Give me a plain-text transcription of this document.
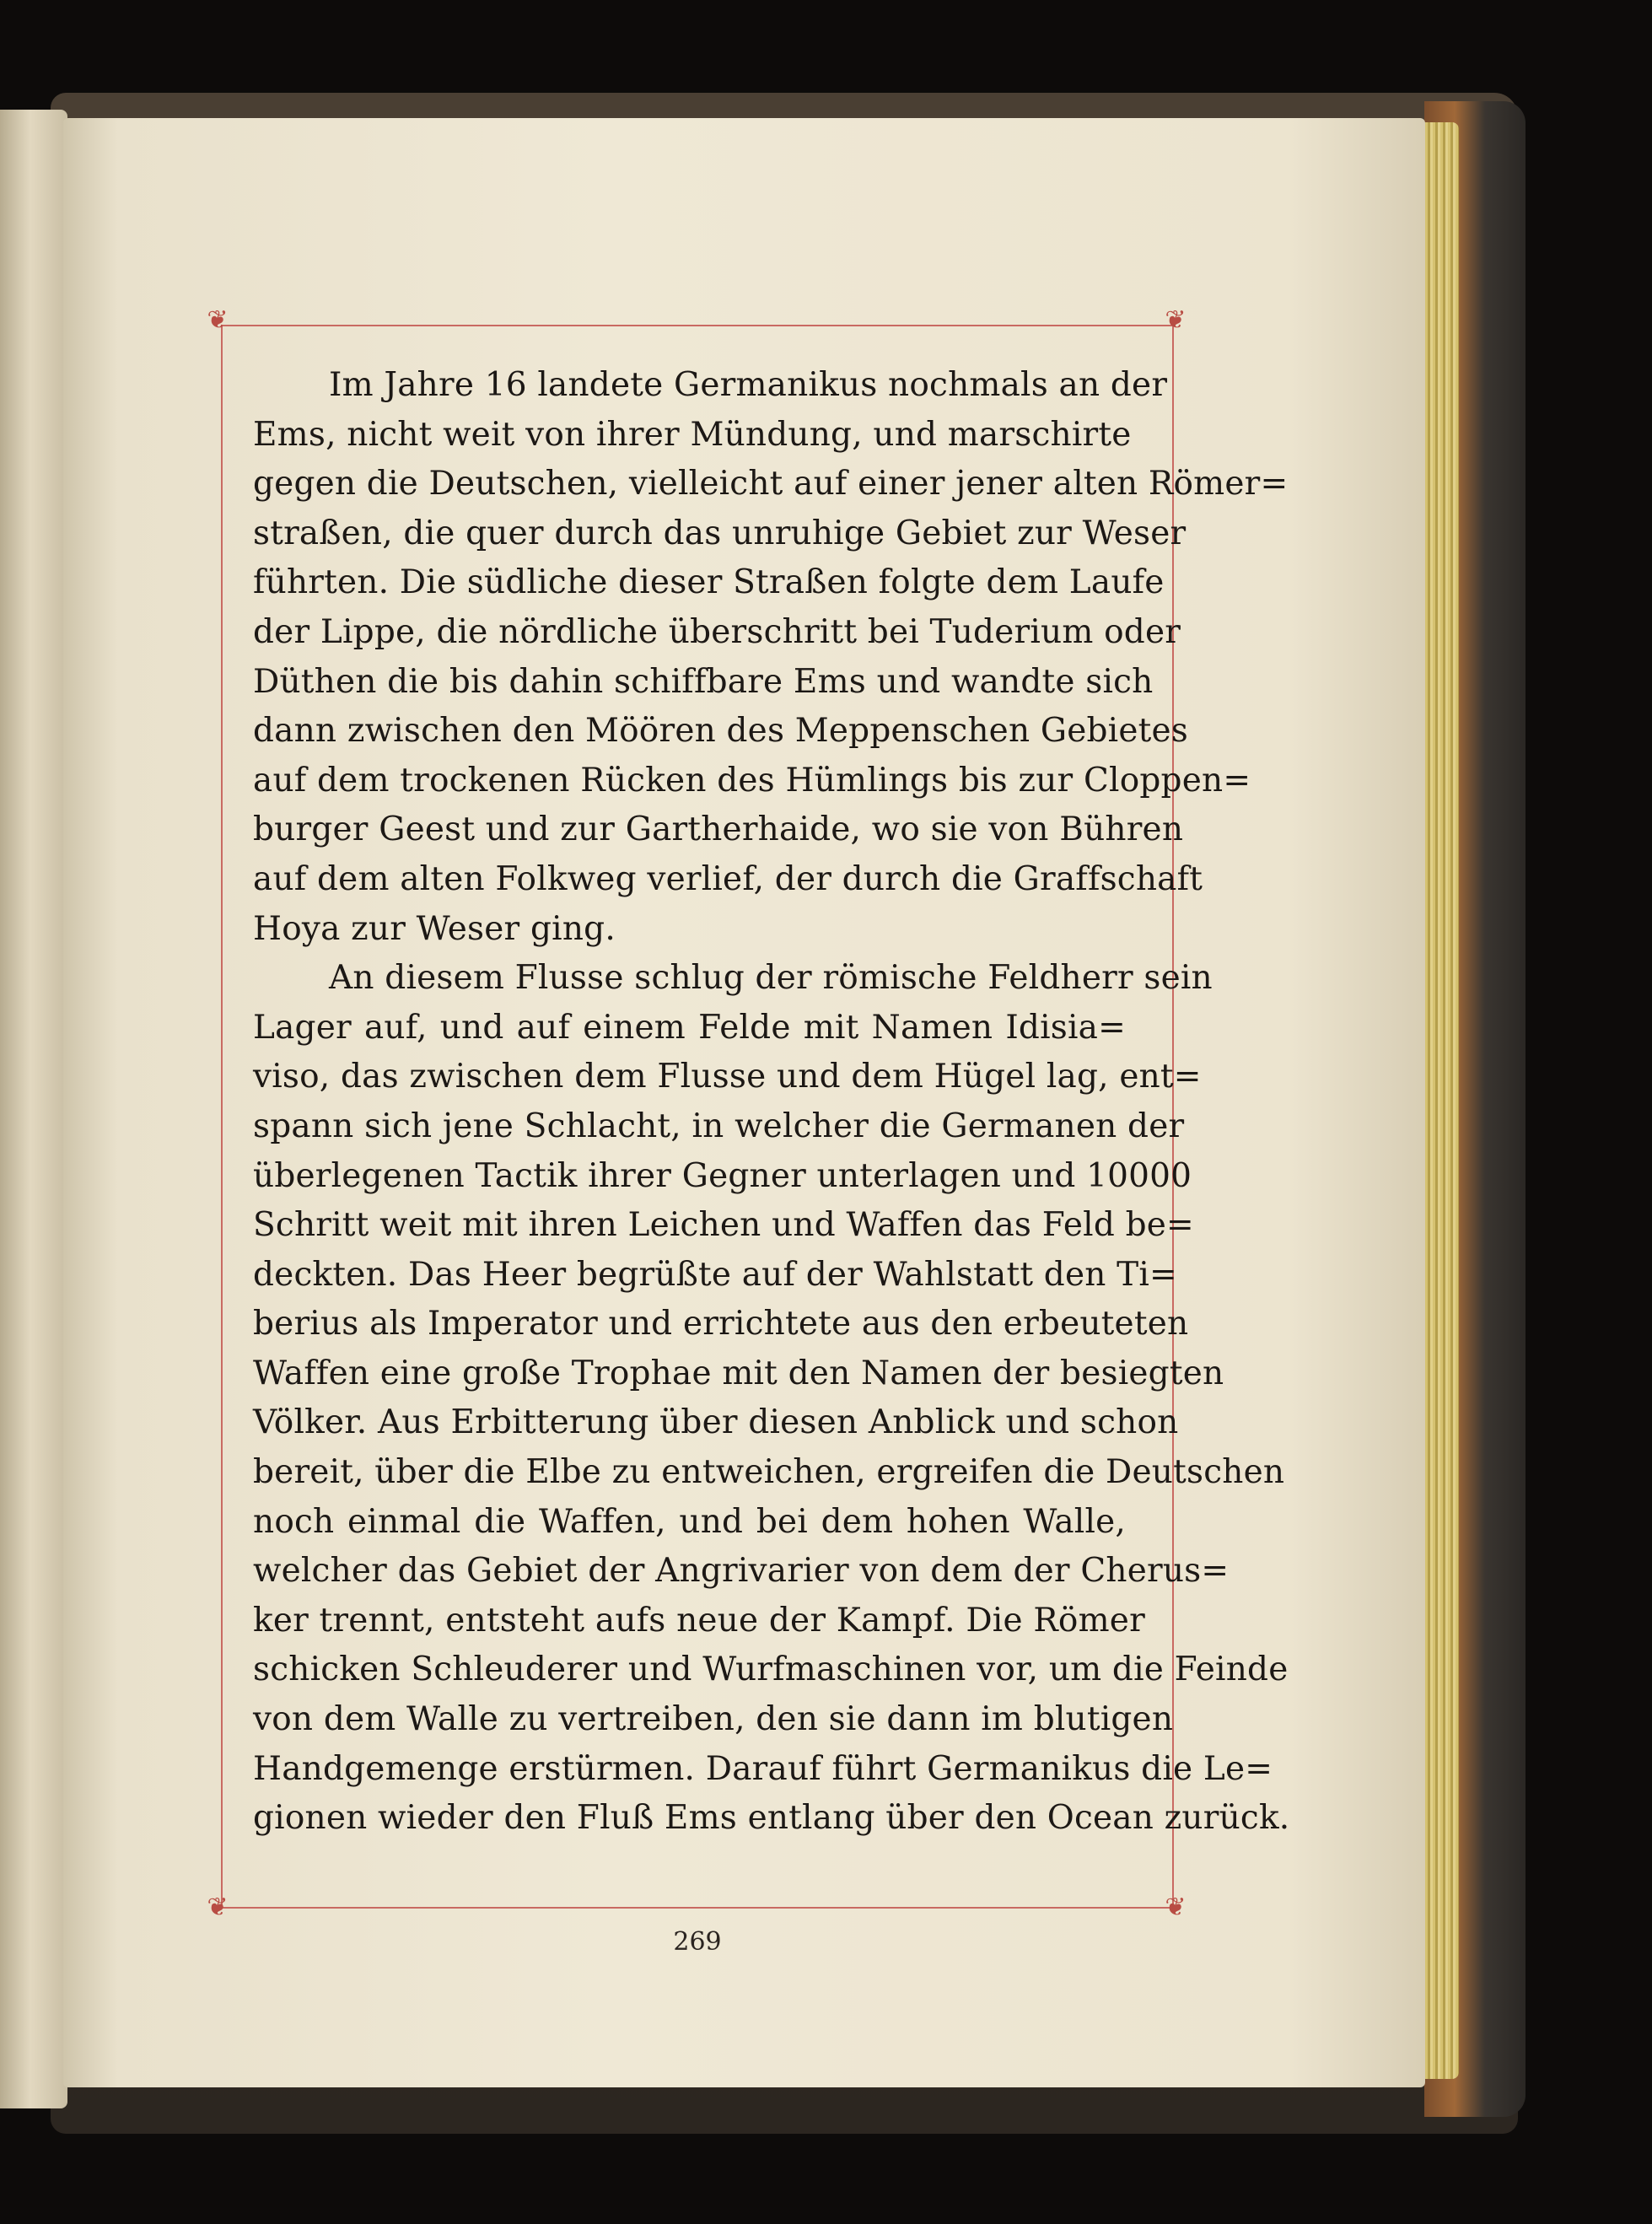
❦	❦
❦	❦
Im Jahre 16 landete Germanikus nochmals an der
Ems, nicht weit von ihrer Mündung, und marschirte
gegen die Deutschen, vielleicht auf einer jener alten Römer=
straßen, die quer durch das unruhige Gebiet zur Weser
führten. Die südliche dieser Straßen folgte dem Laufe
der Lippe, die nördliche überschritt bei Tuderium oder
Düthen die bis dahin schiffbare Ems und wandte sich
dann zwischen den Möören des Meppenschen Gebietes
auf dem trockenen Rücken des Hümlings bis zur Cloppen=
burger Geest und zur Gartherhaide, wo sie von Bühren
auf dem alten Folkweg verlief, der durch die Graffschaft
Hoya zur Weser ging.
An diesem Flusse schlug der römische Feldherr sein
Lager auf, und auf einem Felde mit Namen Idisia=
viso, das zwischen dem Flusse und dem Hügel lag, ent=
spann sich jene Schlacht, in welcher die Germanen der
überlegenen Tactik ihrer Gegner unterlagen und 10000
Schritt weit mit ihren Leichen und Waffen das Feld be=
deckten. Das Heer begrüßte auf der Wahlstatt den Ti=
berius als Imperator und errichtete aus den erbeuteten
Waffen eine große Trophae mit den Namen der besiegten
Völker. Aus Erbitterung über diesen Anblick und schon
bereit, über die Elbe zu entweichen, ergreifen die Deutschen
noch einmal die Waffen, und bei dem hohen Walle,
welcher das Gebiet der Angrivarier von dem der Cherus=
ker trennt, entsteht aufs neue der Kampf. Die Römer
schicken Schleuderer und Wurfmaschinen vor, um die Feinde
von dem Walle zu vertreiben, den sie dann im blutigen
Handgemenge erstürmen. Darauf führt Germanikus die Le=
gionen wieder den Fluß Ems entlang über den Ocean zurück.
269
